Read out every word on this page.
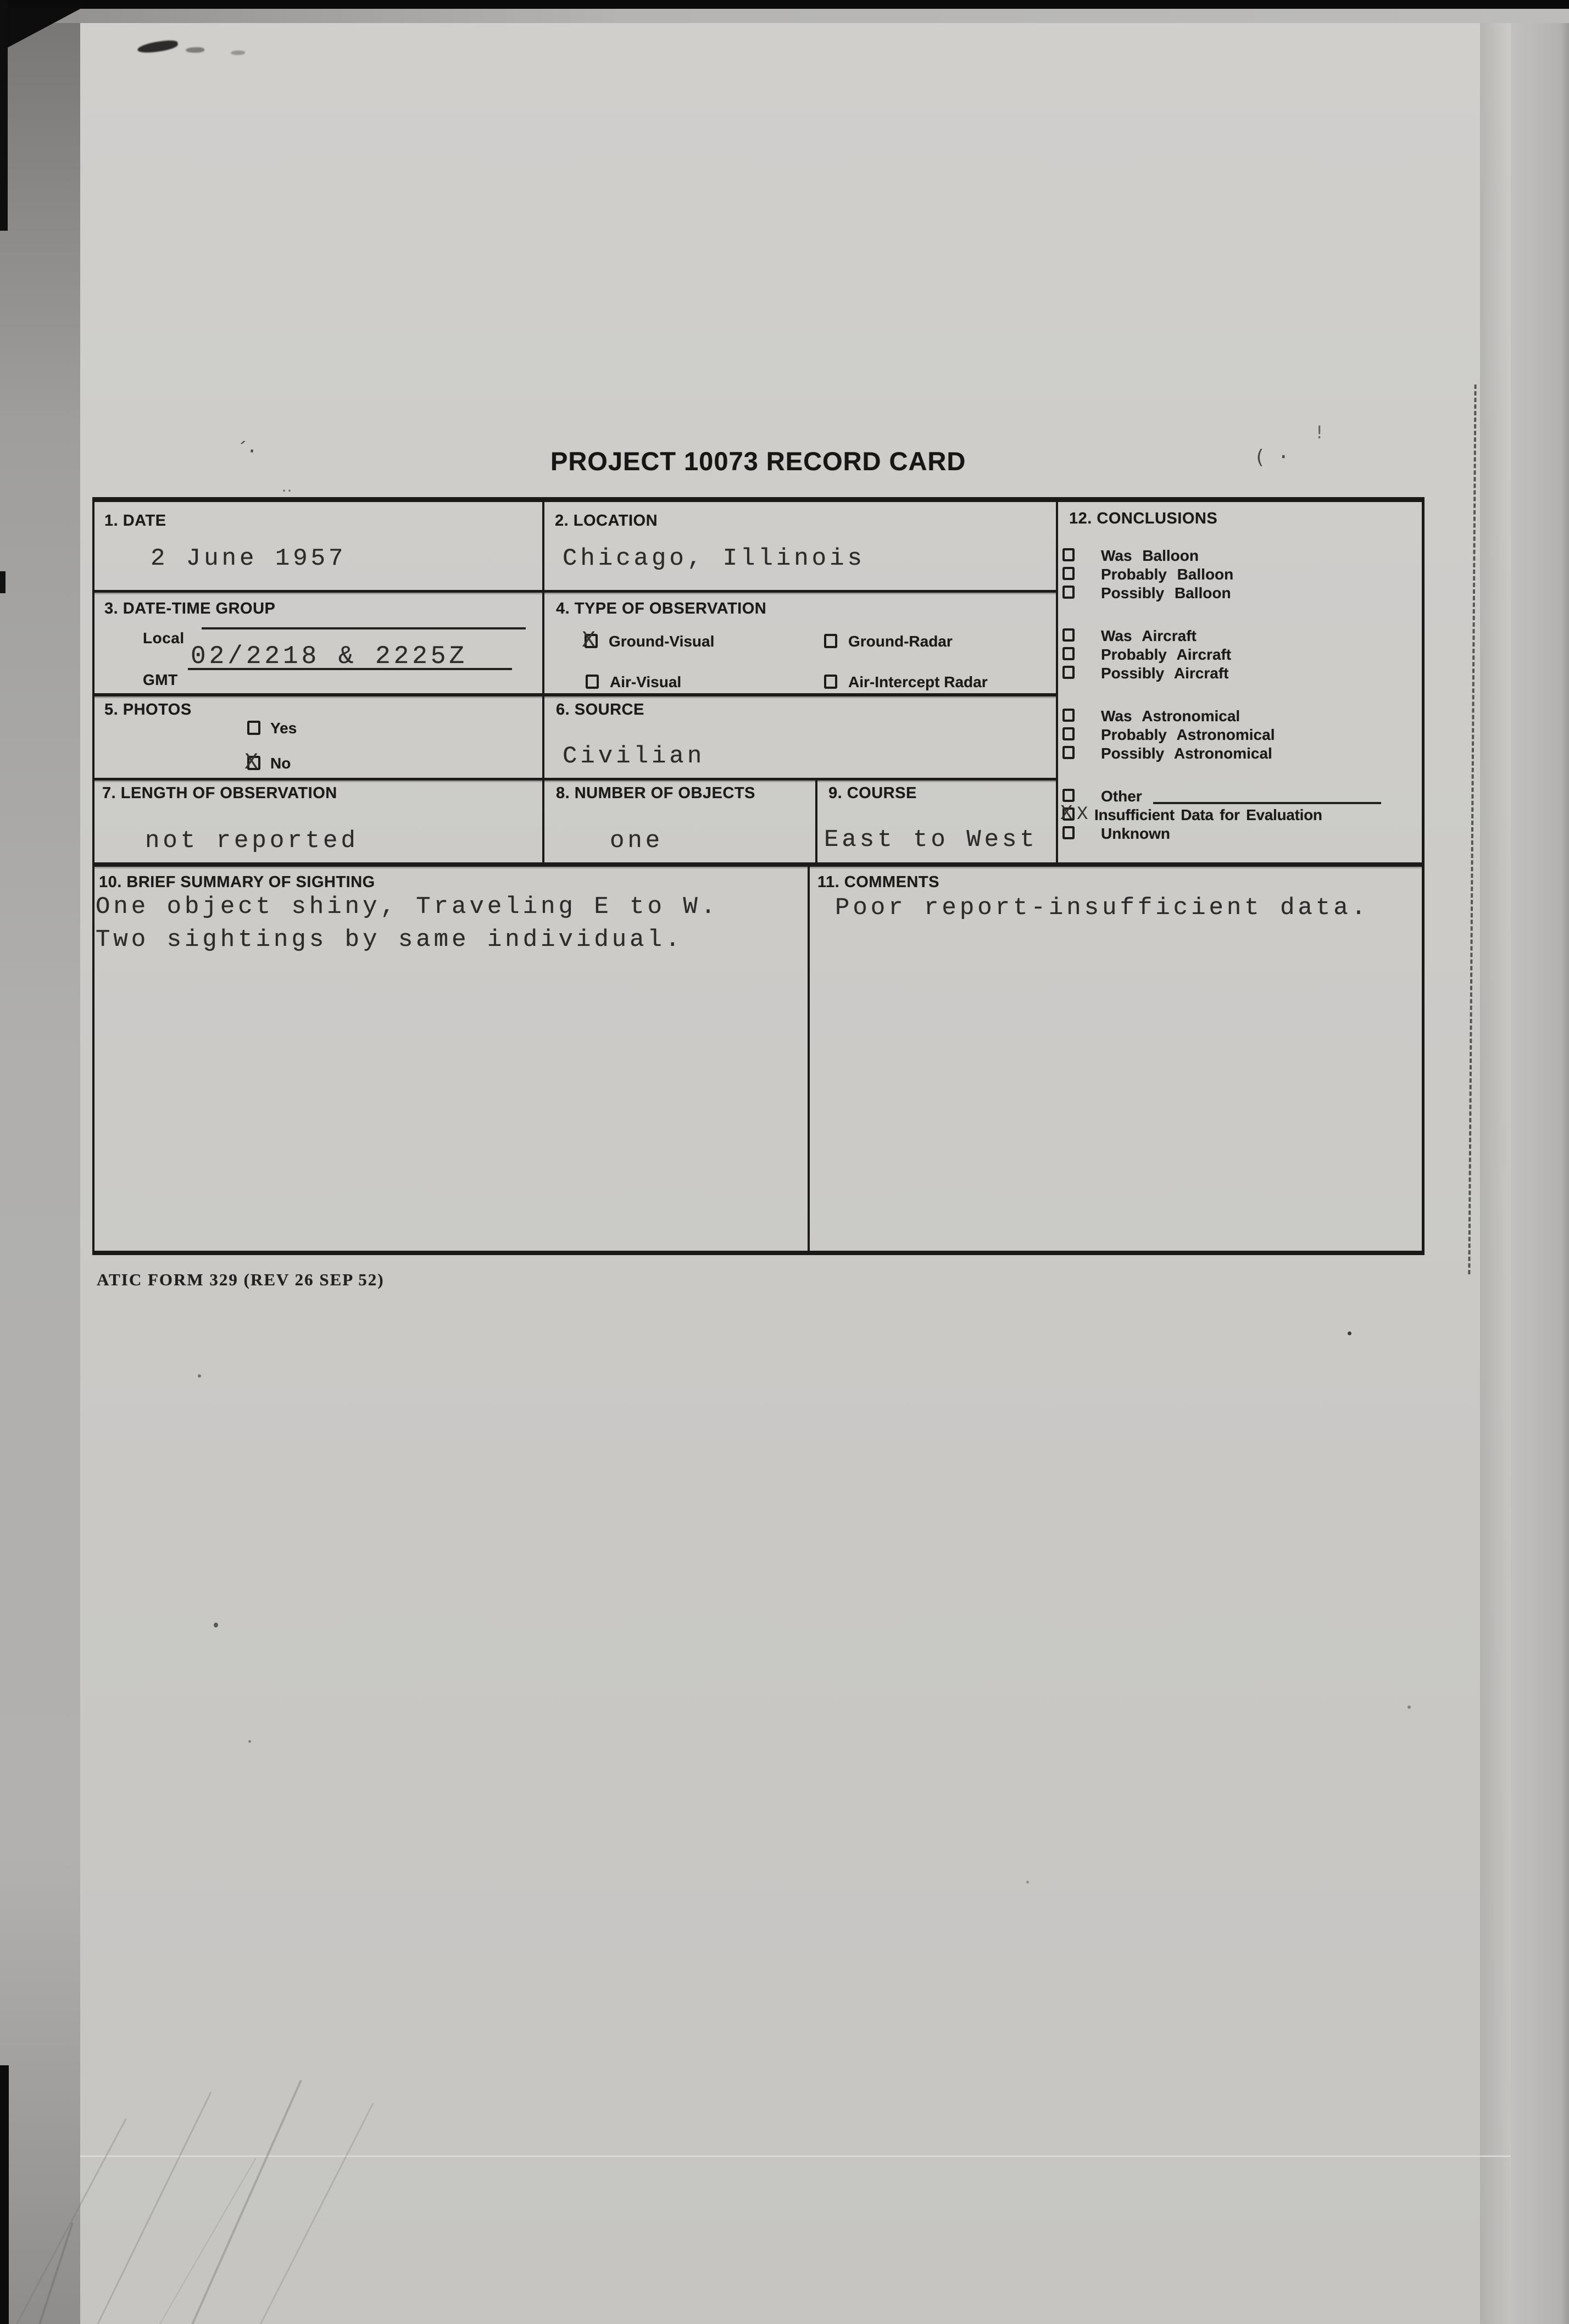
´·
‥
( ·
!
PROJECT 10073 RECORD CARD
ATIC FORM 329 (REV 26 SEP 52)
1. DATE
2 June 1957
2. LOCATION
Chicago, Illinois
3. DATE-TIME GROUP
Local
02/2218 & 2225Z
GMT
4. TYPE OF OBSERVATION
X Ground-Visual	Ground-Radar
Air-Visual	Air-Intercept Radar
5. PHOTOS
Yes
X No
6. SOURCE
Civilian
7. LENGTH OF OBSERVATION
not reported
8. NUMBER OF OBJECTS
one
9. COURSE
East to West
10. BRIEF SUMMARY OF SIGHTING
One object shiny, Traveling E to W.
Two sightings by same individual.
11. COMMENTS
Poor report-insufficient data.
12. CONCLUSIONS
Was Balloon
Probably Balloon
Possibly Balloon
Was Aircraft
Probably Aircraft
Possibly Aircraft
Was Astronomical
Probably Astronomical
Possibly Astronomical
Other
X X Insufficient Data for Evaluation
Unknown
